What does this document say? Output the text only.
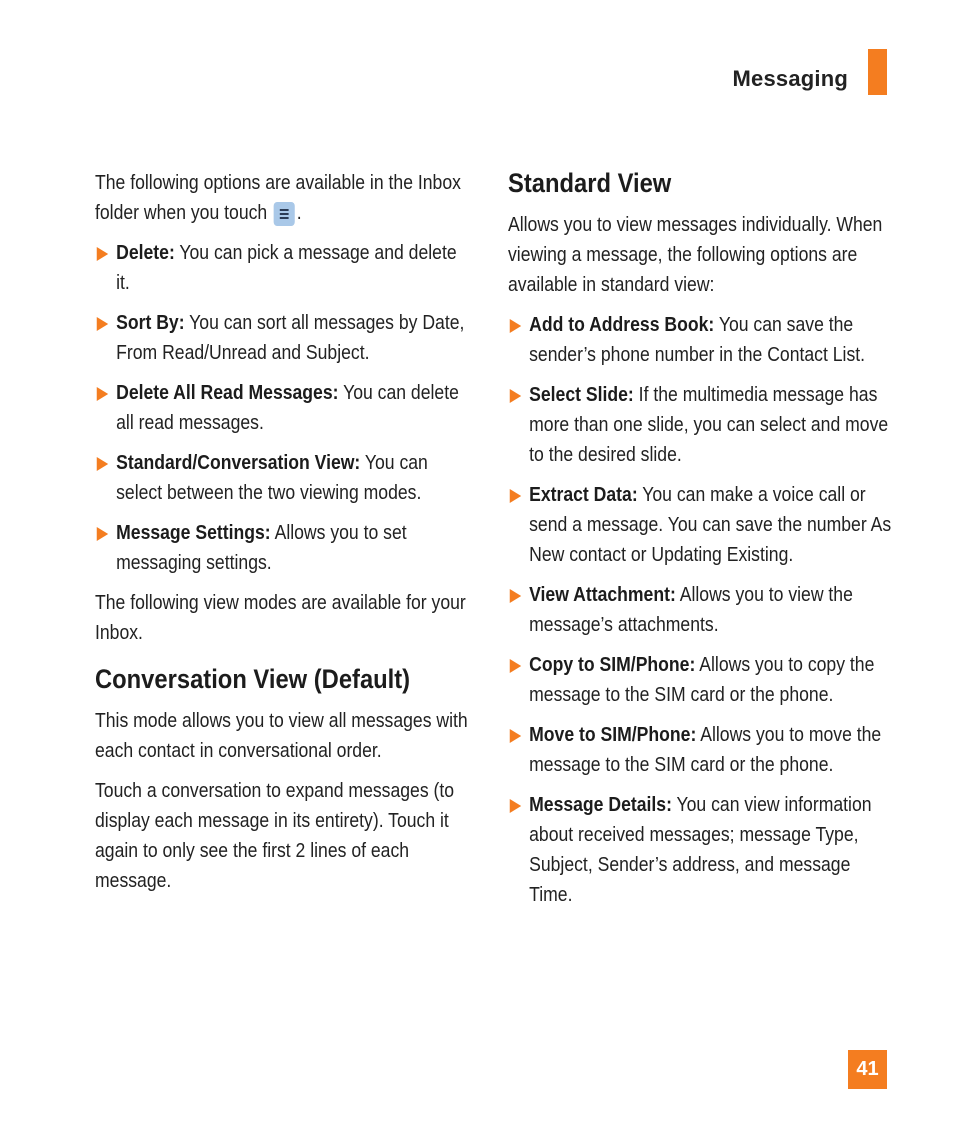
Messaging

The following options are available in the Inbox folder when you touch .

Delete: You can pick a message and delete it.
Sort By: You can sort all messages by Date, From Read/Unread and Subject.
Delete All Read Messages: You can delete all read messages.
Standard/Conversation View: You can select between the two viewing modes.
Message Settings: Allows you to set messaging settings.

The following view modes are available for your Inbox.

Conversation View (Default)

This mode allows you to view all messages with each contact in conversational order.

Touch a conversation to expand messages (to display each message in its entirety). Touch it again to only see the first 2 lines of each message.

Standard View

Allows you to view messages individually. When viewing a message, the following options are available in standard view:

Add to Address Book: You can save the sender’s phone number in the Contact List.
Select Slide: If the multimedia message has more than one slide, you can select and move to the desired slide.
Extract Data: You can make a voice call or send a message. You can save the number As New contact or Updating Existing.
View Attachment: Allows you to view the message’s attachments.
Copy to SIM/Phone: Allows you to copy the message to the SIM card or the phone.
Move to SIM/Phone: Allows you to move the message to the SIM card or the phone.
Message Details: You can view information about received messages; message Type, Subject, Sender’s address, and message Time.
41
